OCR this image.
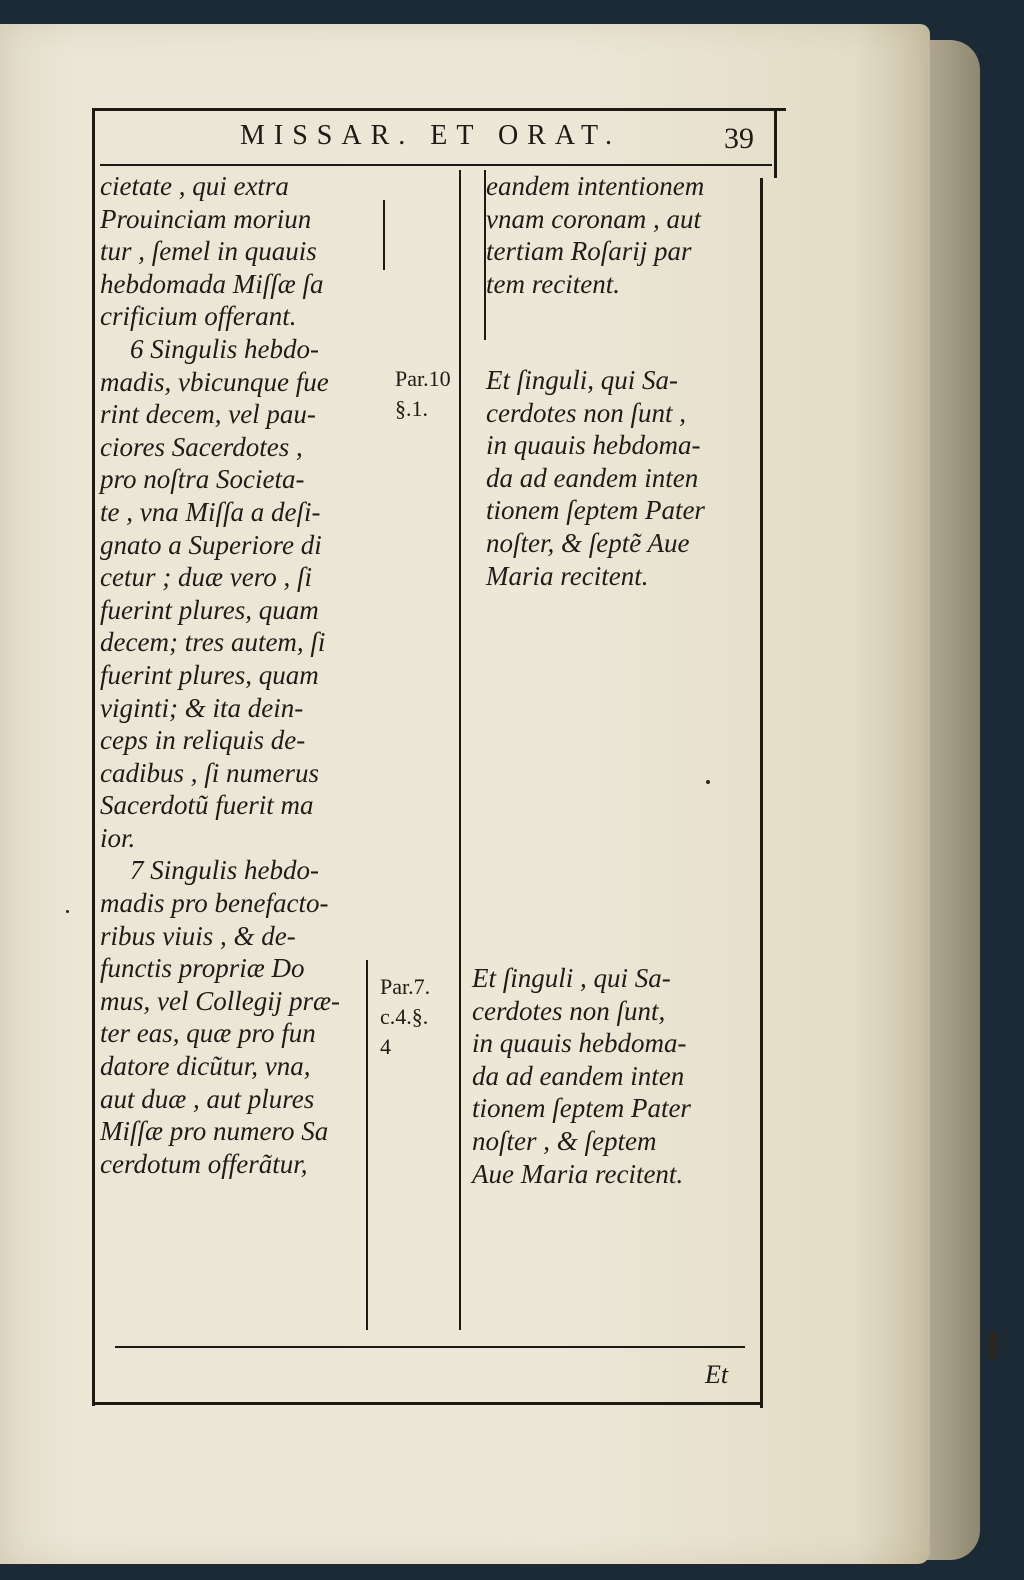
MISSAR. ET ORAT.	39
cietate , qui extra
Prouinciam moriun
tur , ſemel in quauis
hebdomada Miſſæ ſa
crificium offerant.
6 Singulis hebdo-
madis, vbicunque fue
rint decem, vel pau-
ciores Sacerdotes ,
pro noſtra Societa-
te , vna Miſſa a deſi-
gnato a Superiore di
cetur ; duæ vero , ſi
fuerint plures, quam
decem; tres autem, ſi
fuerint plures, quam
viginti; & ita dein-
ceps in reliquis de-
cadibus , ſi numerus
Sacerdotũ fuerit ma
ior.
7 Singulis hebdo-
madis pro benefacto-
ribus viuis , & de-
functis propriæ Do
mus, vel Collegij præ-
ter eas, quæ pro fun
datore dicũtur, vna,
aut duæ , aut plures
Miſſæ pro numero Sa
cerdotum offerãtur,
Par.10
§.1.
Par.7.
c.4.§.
4
eandem intentionem
vnam coronam , aut
tertiam Roſarij par
tem recitent.
Et ſinguli, qui Sa-
cerdotes non ſunt ,
in quauis hebdoma-
da ad eandem inten
tionem ſeptem Pater
noſter, & ſeptẽ Aue
Maria recitent.
Et ſinguli , qui Sa-
cerdotes non ſunt,
in quauis hebdoma-
da ad eandem inten
tionem ſeptem Pater
noſter , & ſeptem
Aue Maria recitent.
Et
